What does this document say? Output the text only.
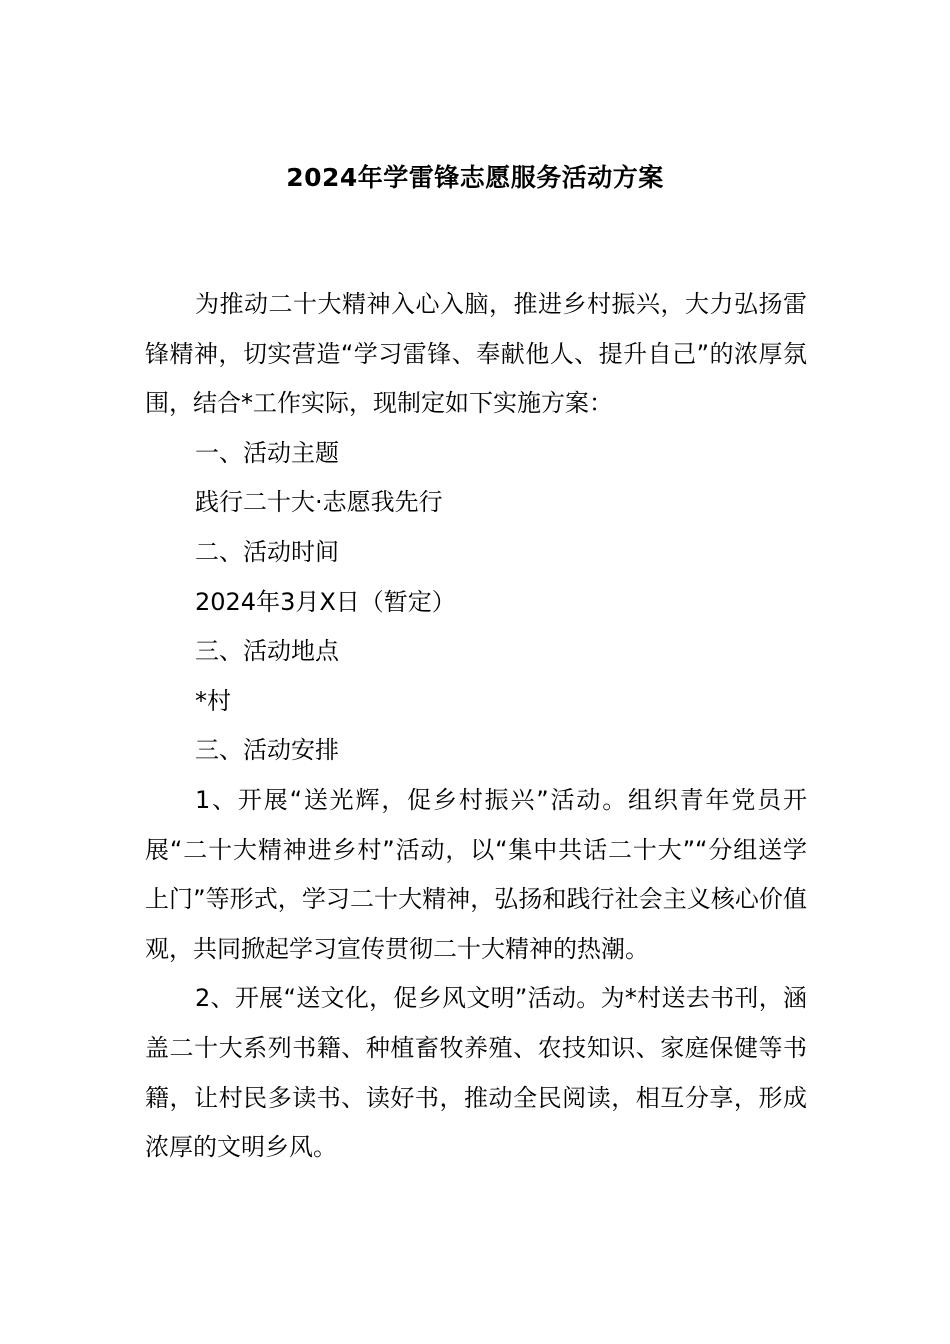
2024年学雷锋志愿服务活动方案

为推动二十大精神入心入脑，推进乡村振兴，大力弘扬雷锋精神，切实营造“学习雷锋、奉献他人、提升自己”的浓厚氛围，结合*工作实际，现制定如下实施方案：

一、活动主题

践行二十大·志愿我先行

二、活动时间

2024年3月X日（暂定）

三、活动地点

*村

三、活动安排

1、开展“送光辉，促乡村振兴”活动。组织青年党员开展“二十大精神进乡村”活动，以“集中共话二十大”“分组送学上门”等形式，学习二十大精神，弘扬和践行社会主义核心价值观，共同掀起学习宣传贯彻二十大精神的热潮。

2、开展“送文化，促乡风文明”活动。为*村送去书刊，涵盖二十大系列书籍、种植畜牧养殖、农技知识、家庭保健等书籍，让村民多读书、读好书，推动全民阅读，相互分享，形成浓厚的文明乡风。
